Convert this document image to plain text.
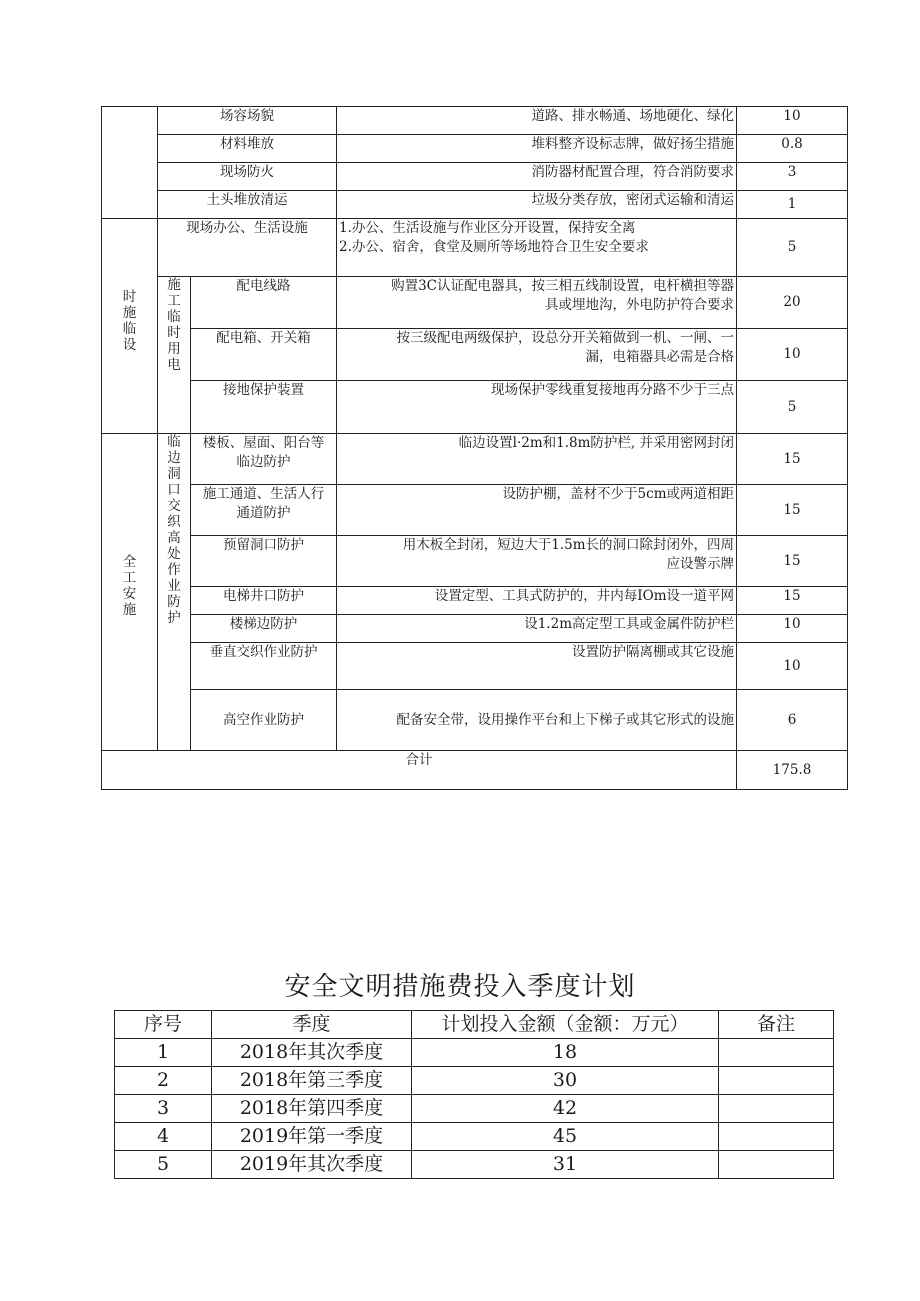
	场容场貌		道路、排水畅通、场地硬化、绿化	10
	材料堆放		堆料整齐设标志牌，做好扬尘措施	0.8
	现场防火		消防器材配置合理，符合消防要求	3
	土头堆放清运		垃圾分类存放，密闭式运输和清运	1

时施临设	现场办公、生活设施		1.办公、生活设施与作业区分开设置，保持安全离
2.办公、宿舍，食堂及厕所等场地符合卫生安全要求	5

	施工临时用电	配电线路	购置3C认证配电器具，按三相五线制设置，电杆横担等器
具或埋地沟，外电防护符合要求	20
		配电箱、开关箱	按三级配电两级保护，设总分开关箱做到一机、一闸、一
漏，电箱器具必需是合格	10
		接地保护装置	现场保护零线重复接地再分路不少于三点	5

全工安施	临边洞口交织高处作业防护	楼板、屋面、阳台等
临边防护	临边设置l·2m和1.8m防护栏, 并采用密网封闭	15

		施工通道、生活人行
通道防护	设防护棚，盖材不少于5cm或两道相距	15

		预留洞口防护	用木板全封闭，短边大于1.5m长的洞口除封闭外，四周
应设警示牌	15
		电梯井口防护	设置定型、工具式防护的，井内每IOm设一道平网	15
		楼梯边防护	设1.2m高定型工具或金属件防护栏	10
		垂直交织作业防护	设置防护隔离棚或其它设施	10
		高空作业防护	配备安全带，设用操作平台和上下梯子或其它形式的设施	6
合计				175.8
安全文明措施费投入季度计划
序号	季度	计划投入金额（金额：万元）	备注
1	2018年其次季度	18	
2	2018年第三季度	30	
3	2018年第四季度	42	
4	2019年第一季度	45	
5	2019年其次季度	31	
